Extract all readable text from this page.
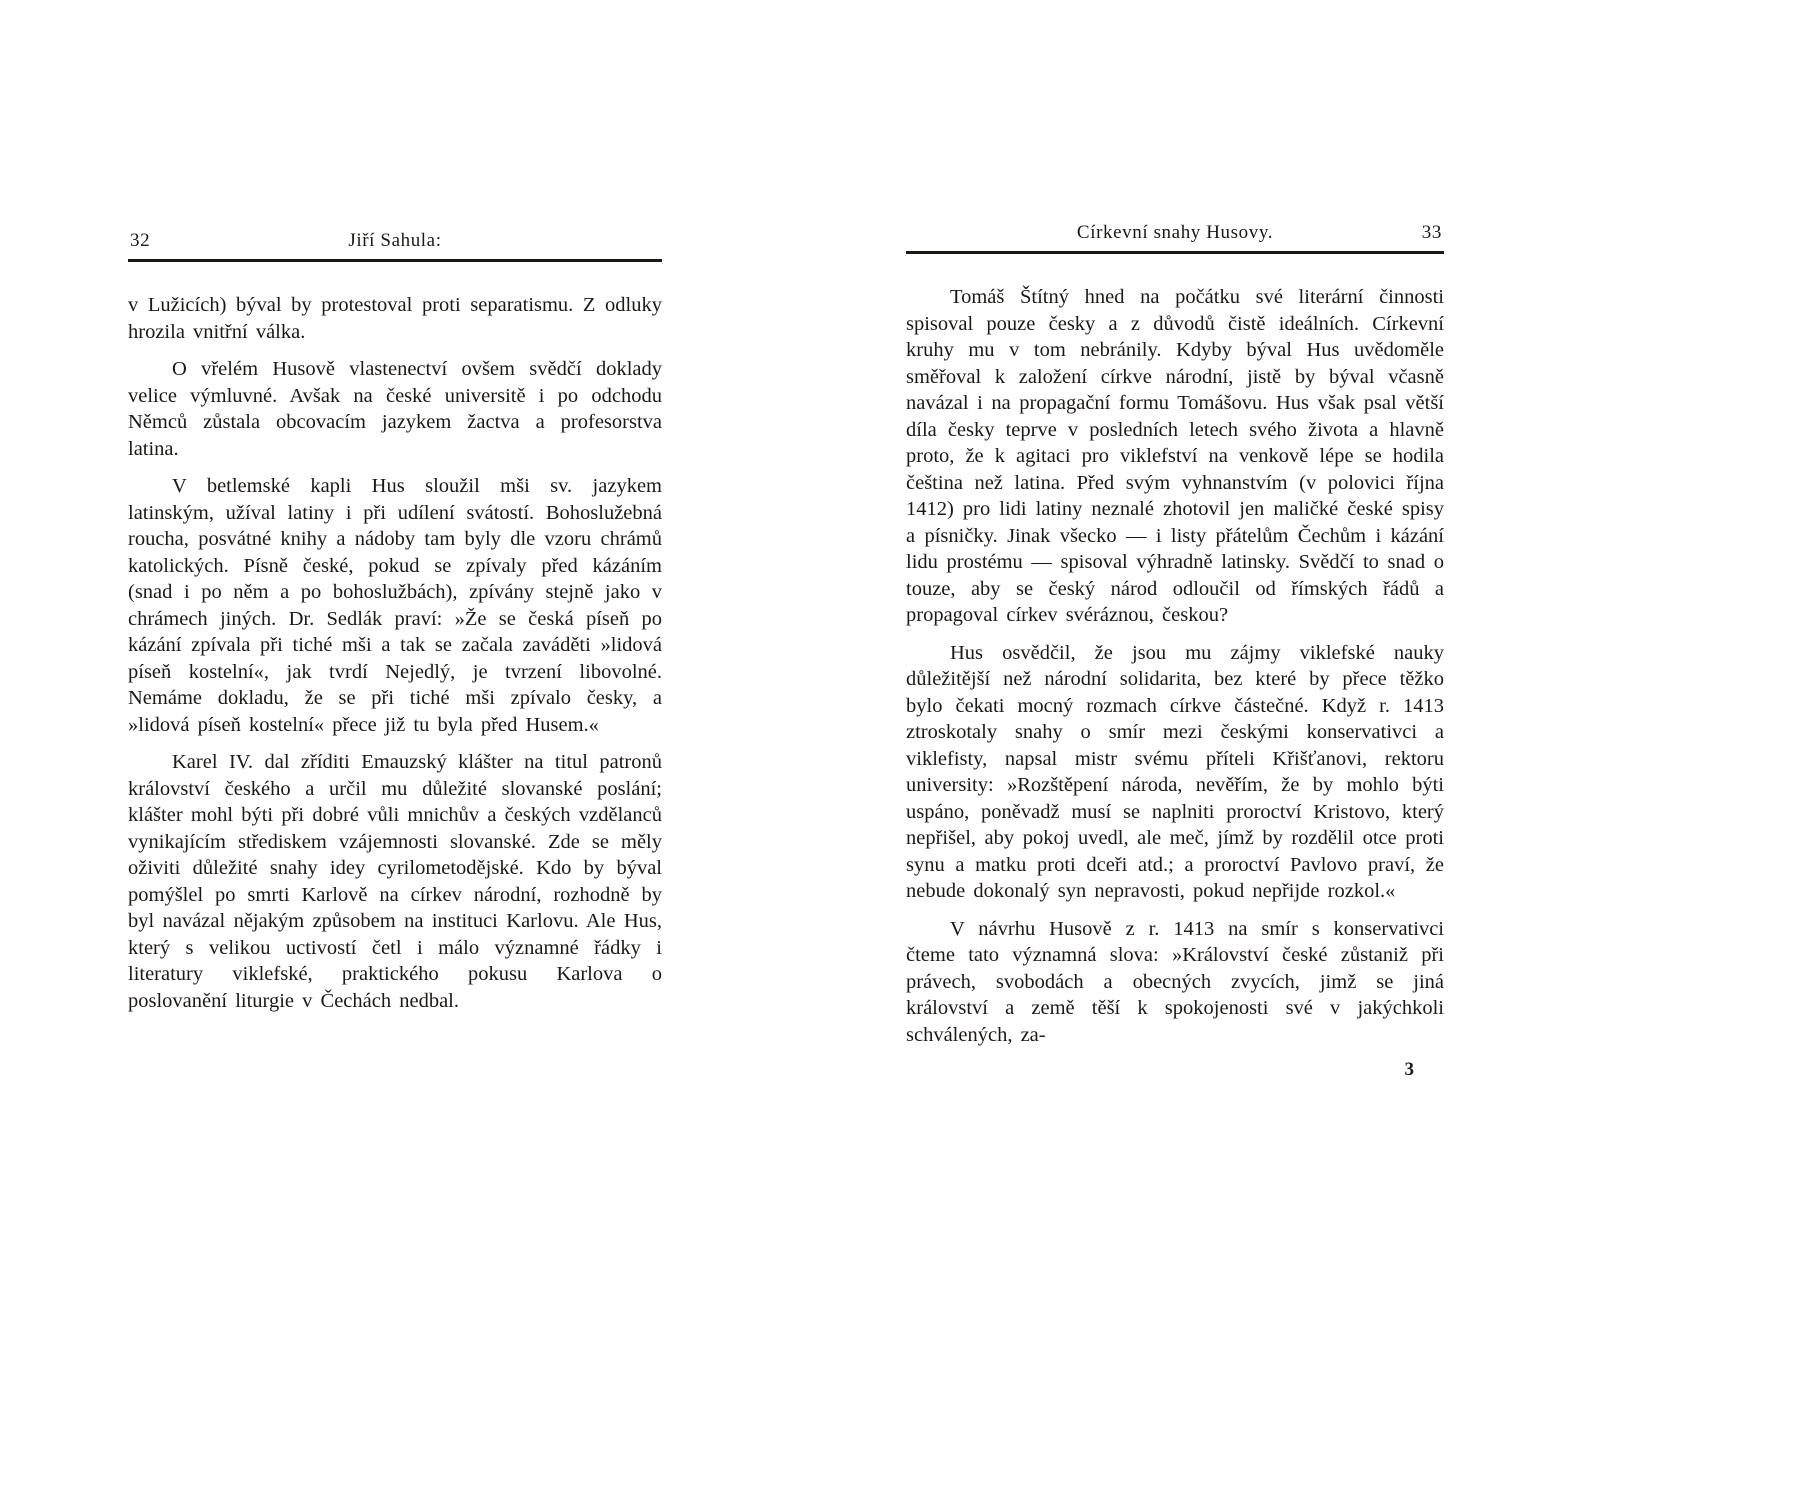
32	Jiří Sahula:

v Lužicích) býval by protestoval proti separatismu. Z odluky hrozila vnitřní válka.

O vřelém Husově vlastenectví ovšem svědčí doklady velice výmluvné. Avšak na české universitě i po odchodu Němců zůstala obcovacím jazykem žactva a profesorstva latina.

V betlemské kapli Hus sloužil mši sv. jazykem latinským, užíval latiny i při udílení svátostí. Bohoslužebná roucha, posvátné knihy a nádoby tam byly dle vzoru chrámů katolických. Písně české, pokud se zpívaly před kázáním (snad i po něm a po bohoslužbách), zpívány stejně jako v chrámech jiných. Dr. Sedlák praví: »Že se česká píseň po kázání zpívala při tiché mši a tak se začala zaváděti »lidová píseň kostelní«, jak tvrdí Nejedlý, je tvrzení libovolné. Nemáme dokladu, že se při tiché mši zpívalo česky, a »lidová píseň kostelní« přece již tu byla před Husem.«

Karel IV. dal zříditi Emauzský klášter na titul patronů království českého a určil mu důležité slovanské poslání; klášter mohl býti při dobré vůli mnichův a českých vzdělanců vynikajícím střediskem vzájemnosti slovanské. Zde se měly oživiti důležité snahy idey cyrilometodějské. Kdo by býval pomýšlel po smrti Karlově na církev národní, rozhodně by byl navázal nějakým způsobem na instituci Karlovu. Ale Hus, který s velikou uctivostí četl i málo významné řádky i literatury viklefské, praktického pokusu Karlova o poslovanění liturgie v Čechách nedbal.

Církevní snahy Husovy.	33

Tomáš Štítný hned na počátku své literární činnosti spisoval pouze česky a z důvodů čistě ideálních. Církevní kruhy mu v tom nebránily. Kdyby býval Hus uvědoměle směřoval k založení církve národní, jistě by býval včasně navázal i na propagační formu Tomášovu. Hus však psal větší díla česky teprve v posledních letech svého života a hlavně proto, že k agitaci pro viklefství na venkově lépe se hodila čeština než latina. Před svým vyhnanstvím (v polovici října 1412) pro lidi latiny neznalé zhotovil jen maličké české spisy a písničky. Jinak všecko — i listy přátelům Čechům i kázání lidu prostému — spisoval výhradně latinsky. Svědčí to snad o touze, aby se český národ odloučil od římských řádů a propagoval církev svéráznou, českou?

Hus osvědčil, že jsou mu zájmy viklefské nauky důležitější než národní solidarita, bez které by přece těžko bylo čekati mocný rozmach církve částečné. Když r. 1413 ztroskotaly snahy o smír mezi českými konservativci a viklefisty, napsal mistr svému příteli Křišťanovi, rektoru university: »Rozštěpení národa, nevěřím, že by mohlo býti uspáno, poněvadž musí se naplniti proroctví Kristovo, který nepřišel, aby pokoj uvedl, ale meč, jímž by rozdělil otce proti synu a matku proti dceři atd.; a proroctví Pavlovo praví, že nebude dokonalý syn nepravosti, pokud nepřijde rozkol.«

V návrhu Husově z r. 1413 na smír s konservativci čteme tato významná slova: »Království české zůstaniž při právech, svobodách a obecných zvycích, jimž se jiná království a země těší k spokojenosti své v jakýchkoli schválených, za-

3
